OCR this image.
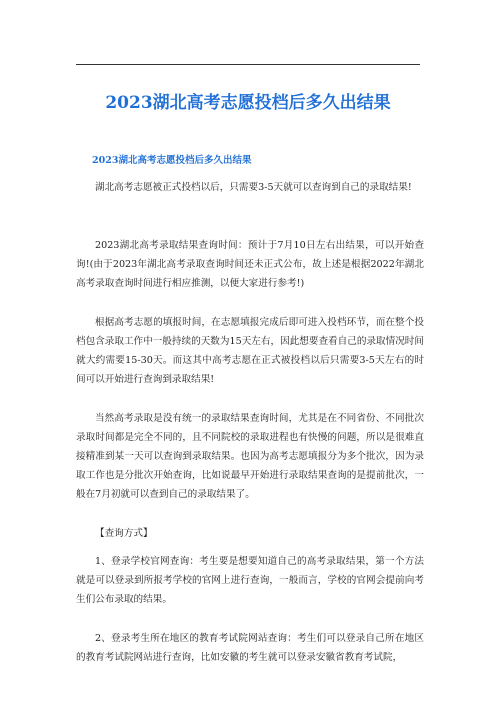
2023湖北高考志愿投档后多久出结果
2023湖北高考志愿投档后多久出结果

湖北高考志愿被正式投档以后，只需要3-5天就可以查询到自己的录取结果!

2023湖北高考录取结果查询时间：预计于7月10日左右出结果，可以开始查询!(由于2023年湖北高考录取查询时间还未正式公布，故上述是根据2022年湖北高考录取查询时间进行相应推测，以便大家进行参考!)

根据高考志愿的填报时间，在志愿填报完成后即可进入投档环节，而在整个投档包含录取工作中一般持续的天数为15天左右，因此想要查看自己的录取情况时间就大约需要15-30天。而这其中高考志愿在正式被投档以后只需要3-5天左右的时间可以开始进行查询到录取结果!

当然高考录取是没有统一的录取结果查询时间，尤其是在不同省份、不同批次录取时间都是完全不同的，且不同院校的录取进程也有快慢的问题，所以是很难直接精准到某一天可以查询到录取结果。也因为高考志愿填报分为多个批次，因为录取工作也是分批次开始查询，比如说最早开始进行录取结果查询的是提前批次，一般在7月初就可以查到自己的录取结果了。

【查询方式】

1、登录学校官网查询：考生要是想要知道自己的高考录取结果，第一个方法就是可以登录到所报考学校的官网上进行查询，一般而言，学校的官网会提前向考生们公布录取的结果。

2、登录考生所在地区的教育考试院网站查询：考生们可以登录自己所在地区的教育考试院网站进行查询，比如安徽的考生就可以登录安徽省教育考试院，
